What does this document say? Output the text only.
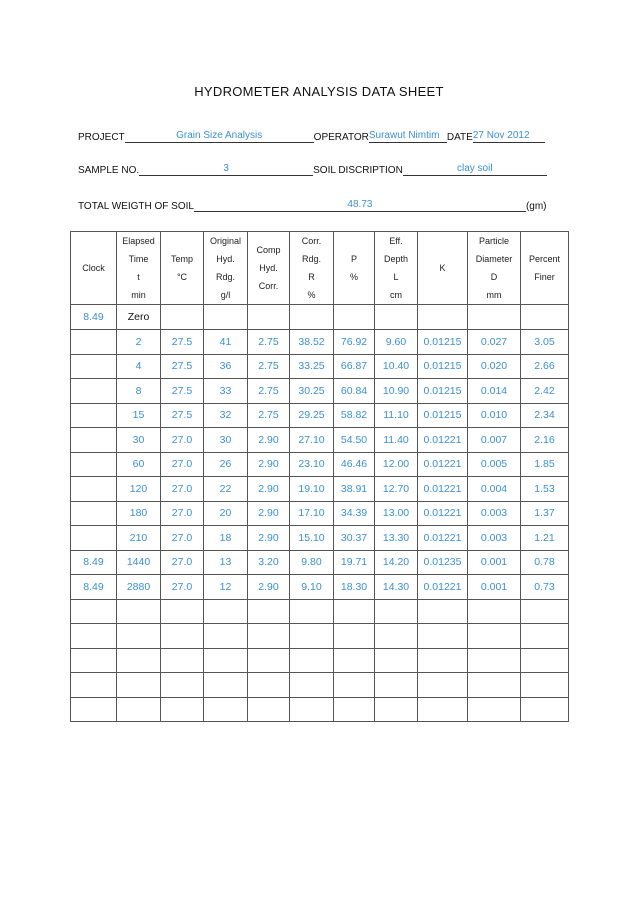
HYDROMETER ANALYSIS DATA SHEET
PROJECT	Grain Size Analysis	OPERATOR Surawut Nimtim DATE 27 Nov 2012
SAMPLE NO.	3	SOIL DISCRIPTION	clay soil
TOTAL WEIGTH OF SOIL	48.73	(gm)
Clock	Elapsed
Time
t
min	Temp
°C	Original
Hyd.
Rdg.
g/l	Comp
Hyd.
Corr.	Corr.
Rdg.
R
%	P
%	Eff.
Depth
L
cm	K	Particle
Diameter
D
mm	Percent
Finer

8.49	Zero									
	2	27.5	41	2.75	38.52	76.92	9.60	0.01215	0.027	3.05
	4	27.5	36	2.75	33.25	66.87	10.40	0.01215	0.020	2.66
	8	27.5	33	2.75	30.25	60.84	10.90	0.01215	0.014	2.42
	15	27.5	32	2.75	29.25	58.82	11.10	0.01215	0.010	2.34
	30	27.0	30	2.90	27.10	54.50	11.40	0.01221	0.007	2.16
	60	27.0	26	2.90	23.10	46.46	12.00	0.01221	0.005	1.85
	120	27.0	22	2.90	19.10	38.91	12.70	0.01221	0.004	1.53
	180	27.0	20	2.90	17.10	34.39	13.00	0.01221	0.003	1.37
	210	27.0	18	2.90	15.10	30.37	13.30	0.01221	0.003	1.21
8.49	1440	27.0	13	3.20	9.80	19.71	14.20	0.01235	0.001	0.78
8.49	2880	27.0	12	2.90	9.10	18.30	14.30	0.01221	0.001	0.73
